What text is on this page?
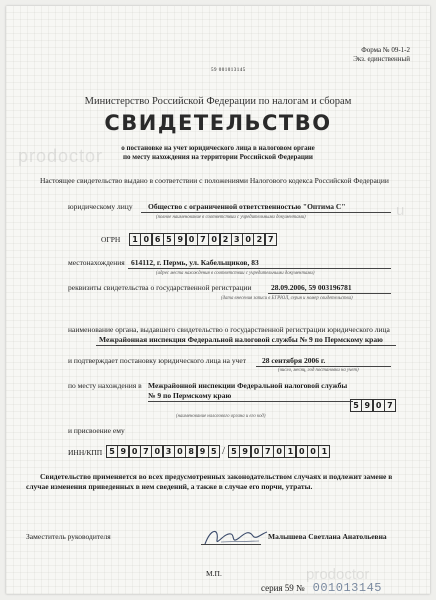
Форма № 09-1-2
Экз. единственный
59 001013145
prodoctor
u
Министерство Российской Федерации по налогам и сборам
СВИДЕТЕЛЬСТВО
о постановке на учет юридического лица в налоговом органе
по месту нахождения на территории Российской Федерации
Настоящее свидетельство выдано в соответствии с положениями Налогового кодекса Российской Федерации
юридическому лицу Общество с ограниченной ответственностью "Оптима С"
(полное наименование в соответствии с учредительными документами)
ОГРН	1 0 6 5 9 0 7 0 2 3 0 2 7
местонахождения 614112, г. Пермь, ул. Кабельщиков, 83
(адрес места нахождения в соответствии с учредительными документами)
реквизиты свидетельства о государственной регистрации	28.09.2006, 59 003196781
(дата внесения записи в ЕГРЮЛ, серия и номер свидетельства)
наименование органа, выдавшего свидетельство о государственной регистрации юридического лица
Межрайонная инспекция Федеральной налоговой службы № 9 по Пермскому краю
и подтверждает постановку юридического лица на учет 28 сентября 2006 г.
(число, месяц, год постановки на учет)
по месту нахождения в Межрайонной инспекции Федеральной налоговой службы № 9 по Пермскому краю
5 9 0 7
(наименование налогового органа и его код)
и присвоение ему
ИНН/КПП 5 9 0 7 0 3 0 8 9 5 / 5 9 0 7 0 1 0 0 1
Свидетельство применяется во всех предусмотренных законодательством случаях и подлежит замене в случае изменения приведенных в нем сведений, а также в случае его порчи, утраты.
Заместитель руководителя	Малышева Светлана Анатольевна
М.П.	prodoctor
серия 59 № 001013145
